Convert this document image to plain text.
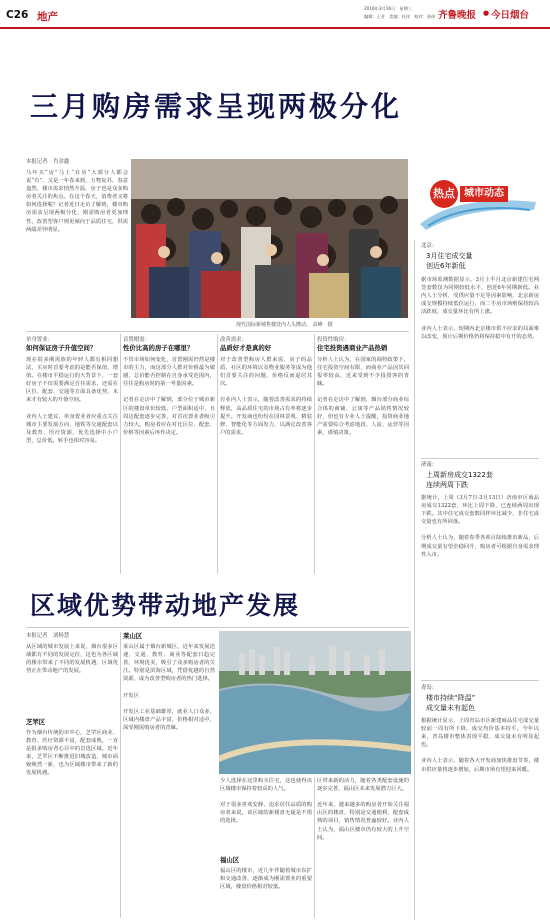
C26 地产
2016年3月16日　星期三
编辑：王芳　美编：杜玫　校对：张伟 齐鲁晚报 ● 今日烟台
三月购房需求呈现两极分化
本报记者　肖余鑫
马年买“房”马上“有房”大部分人都会说“有”，又是一年春来到，万物复苏，春意盎然，楼市需求悄然升温，房子也是众多购房者关注的焦点。在这个春天，消费者又将如何选择呢？记者近日走访了解到，楼市购房需求呈现两极分化，刚需购房者更加理性，改善型客户则更倾向于品质住宅，供需两端差异明显。
现代国际新城售楼处内人头攒动。 高峰　摄
热点 城市动态
单身置业：
如何保证房子升值空间？
现在很多刚需族的年轻人都有相同想法，买房时首要考虑的是能否保值、增值。在楼市平稳运行的大背景下，一套好房子不仅需要满足自住需求，还需在区位、配套、交通等方面具备优势，未来才有较大的升值空间。

业内人士建议，单身置业者应重点关注城市主要发展方向、地铁等交通配套以及教育、医疗资源，优先选择中小户型，总价低，转手也相对容易。
首置刚需：
性价比高的房子在哪里？
不管市场如何变化，首置刚需仍然是楼市的主力，而这部分人群对价格最为敏感，总价能否控制在自身承受范围内，往往是购房时的第一考量因素。

记者在走访中了解到，部分位于城市新区的楼盘单价较低、户型面积适中，且周边配套逐步完善，对首次置业者吸引力较大。购房者应在对比区位、配套、价格等因素后再作决定。
改善需求：
品质好才是真的好
对于改善型购房人群来说，房子的品质、社区的环境以及物业服务等成为他们首要关注的问题，价格反而退居其次。

有业内人士表示，随着改善需求的持续释放，高品质住宅的市场占有率将逐步提升。开发商也纷纷在园林景观、精装修、智能化等方面发力，以满足改善客户的需求。
投资性购房：
住宅投资遇商业产品热销
分析人士认为，在国家的调控政策下，住宅投资空间有限，而商业产品因其回报率较高，近来受到不少投资客的青睐。

记者在走访中了解到，烟台部分商业综合体的商铺、公寓等产品销售情况较好，但也有专业人士提醒，投资商业地产需要综合考虑地段、人流、运营等因素，谨慎决策。
北京：
3月住宅成交量
创近6年新低
据市场监测数据显示，3月上半月北京新建住宅网签套数仅为同期较低水平，创近6年同期新低。业内人士分析，受供应量不足等因素影响，北京新房成交规模持续低位运行，而二手房市场则保持较高活跃度，成交量环比有所上涨。

业内人士表示，短期内北京楼市供不应求的局面难以改变，预计后期价格仍将保持稳中有升的态势。
济南：
上周新房成交1322套
连续两周下跌
据统计，上周（3月7日-3月13日）济南市区商品房成交1322套，环比上周下降，已连续两周出现下跌。其中住宅成交套数同样环比减少，非住宅成交量也有所回落。

分析人士认为，随着春季各项目陆续推出新品，后期成交量有望企稳回升，购房者可根据自身需求理性入市。
青岛：
楼市持续“降温”
成交量未有起色
根据统计显示，上周青岛市区新建商品住宅成交量较前一周有所下降，成交均价基本持平。今年以来，青岛楼市整体表现平稳，成交量未有明显起色。

业内人士表示，随着各大开发商加快推盘节奏，楼市供应量将逐步增加，后期市场有望迎来回暖。
区域优势带动地产发展
本报记者　刘杨慧
从区域的城市发展上来说，烟台很多区域都有不同的发展定位，这也为各区域的楼市带来了不同的发展机遇，区域优势正在带动地产的发展。
芝罘区
作为烟台传统的市中心，芝罘区商业、教育、医疗资源丰富，配套成熟，一直是很多购房者心目中的首选区域。近年来，芝罘区不断推进旧城改造，城市面貌焕然一新，也为区域楼市带来了新的发展机遇。
莱山区
莱山区属于烟台新城区，近年来发展迅速，交通、教育、商业等配套日趋完善，环境优美，吸引了众多购房者的关注。特别是滨海区域，凭借优越的自然资源，成为改善型购房者的热门选择。

开发区

开发区工业基础雄厚，就业人口众多，区域内楼盘产品丰富，价格相对适中，深受刚需购房者的青睐。
少人选择在这里购买住宅，这也使得该区域楼市保持着较高的人气。

对于很多喜欢安静、追求居住品质的购房者来说，该区域的新楼盘无疑是不错的选择。
福山区
福山区的楼市，近几年伴随着城市东扩和交通改善，逐渐成为刚需置业的重要区域，楼盘价格相对较低。
区带来新的活力，随着各类配套设施的逐步完善，福山区未来发展潜力巨大。

近年来，越来越多的购房者开始关注福山区的楼盘，特别是交通便利、配套成熟的项目，销售情况普遍较好。业内人士认为，福山区楼市仍有较大的上升空间。
